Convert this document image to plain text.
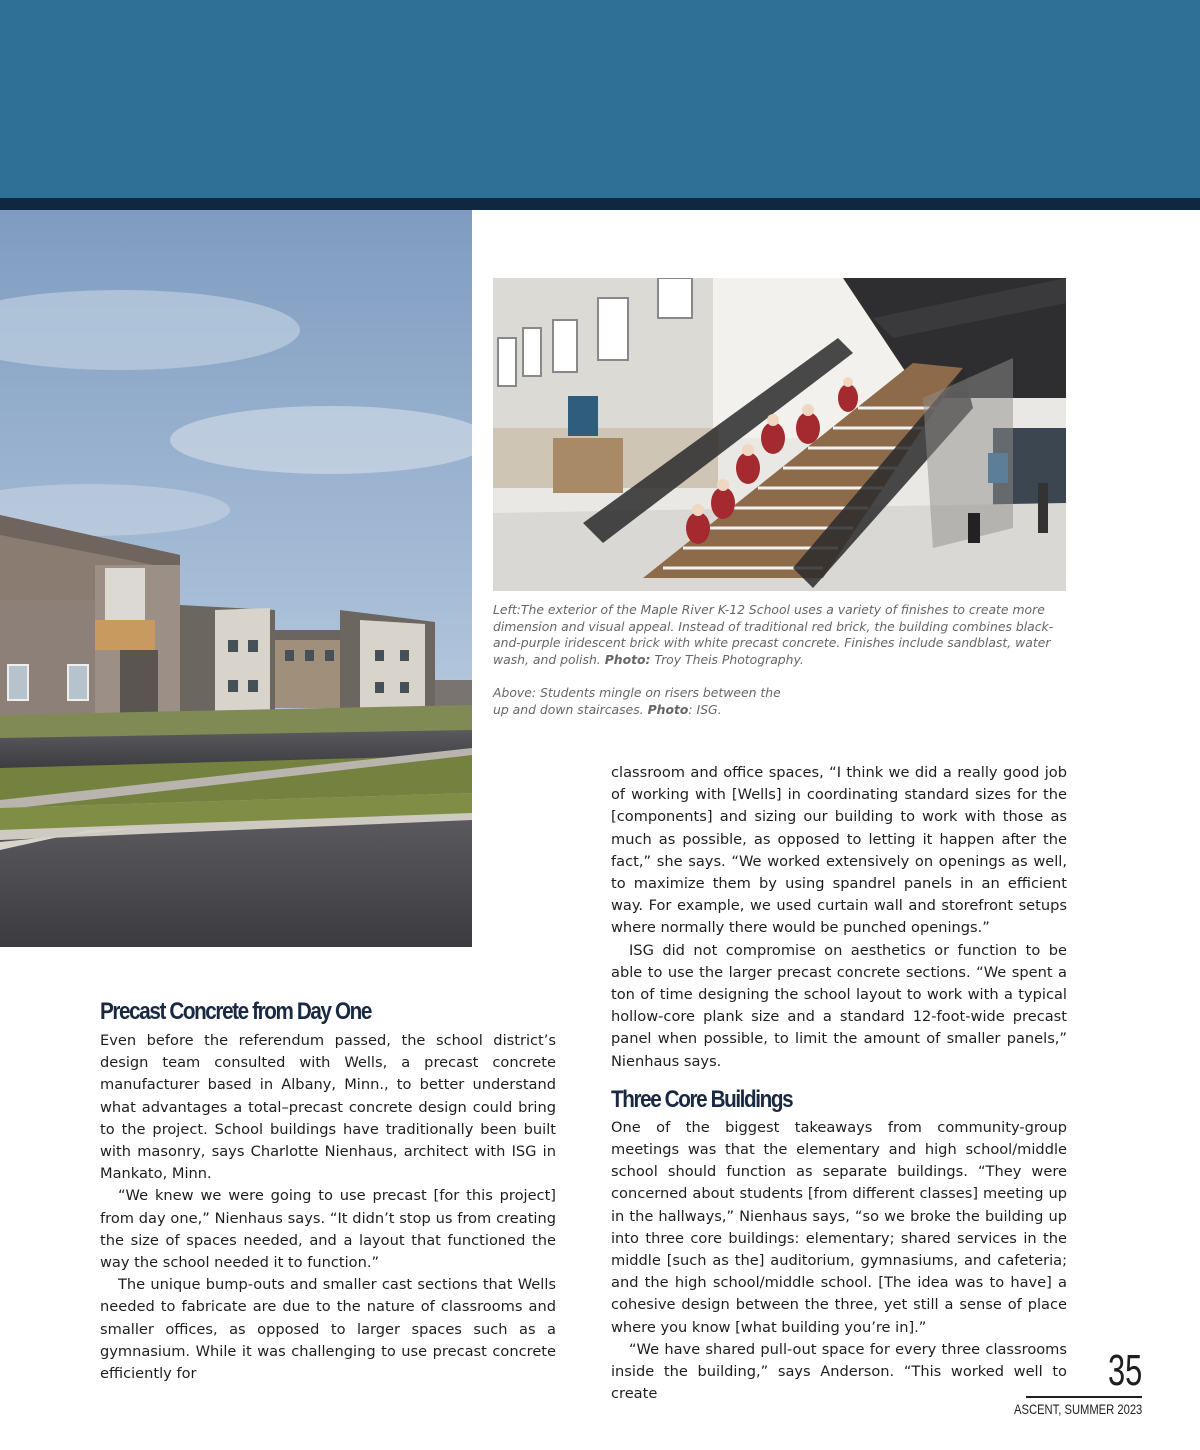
Left:The exterior of the Maple River K-12 School uses a variety of finishes to create more dimension and visual appeal. Instead of traditional red brick, the building combines black-and-purple iridescent brick with white precast concrete. Finishes include sandblast, water wash, and polish. Photo: Troy Theis Photography.

Above: Students mingle on risers between the up and down staircases. Photo: ISG.

Precast Concrete from Day One

Even before the referendum passed, the school district’s design team consulted with Wells, a precast concrete manufacturer based in Albany, Minn., to better understand what advantages a total–precast concrete design could bring to the project. School buildings have traditionally been built with masonry, says Charlotte Nienhaus, architect with ISG in Mankato, Minn.

“We knew we were going to use precast [for this project] from day one,” Nienhaus says. “It didn’t stop us from creating the size of spaces needed, and a layout that functioned the way the school needed it to function.”

The unique bump-outs and smaller cast sections that Wells needed to fabricate are due to the nature of classrooms and smaller offices, as opposed to larger spaces such as a gymnasium. While it was challenging to use precast concrete efficiently for

classroom and office spaces, “I think we did a really good job of working with [Wells] in coordinating standard sizes for the [components] and sizing our building to work with those as much as possible, as opposed to letting it happen after the fact,” she says. “We worked extensively on openings as well, to maximize them by using spandrel panels in an efficient way. For example, we used curtain wall and storefront setups where normally there would be punched openings.”

ISG did not compromise on aesthetics or function to be able to use the larger precast concrete sections. “We spent a ton of time designing the school layout to work with a typical hollow-core plank size and a standard 12-foot-wide precast panel when possible, to limit the amount of smaller panels,” Nienhaus says.

Three Core Buildings

One of the biggest takeaways from community-group meetings was that the elementary and high school/middle school should function as separate buildings. “They were concerned about students [from different classes] meeting up in the hallways,” Nienhaus says, “so we broke the building up into three core buildings: elementary; shared services in the middle [such as the] auditorium, gymnasiums, and cafeteria; and the high school/middle school. [The idea was to have] a cohesive design between the three, yet still a sense of place where you know [what building you’re in].”

“We have shared pull-out space for every three classrooms inside the building,” says Anderson. “This worked well to create	35
ASCENT, SUMMER 2023
